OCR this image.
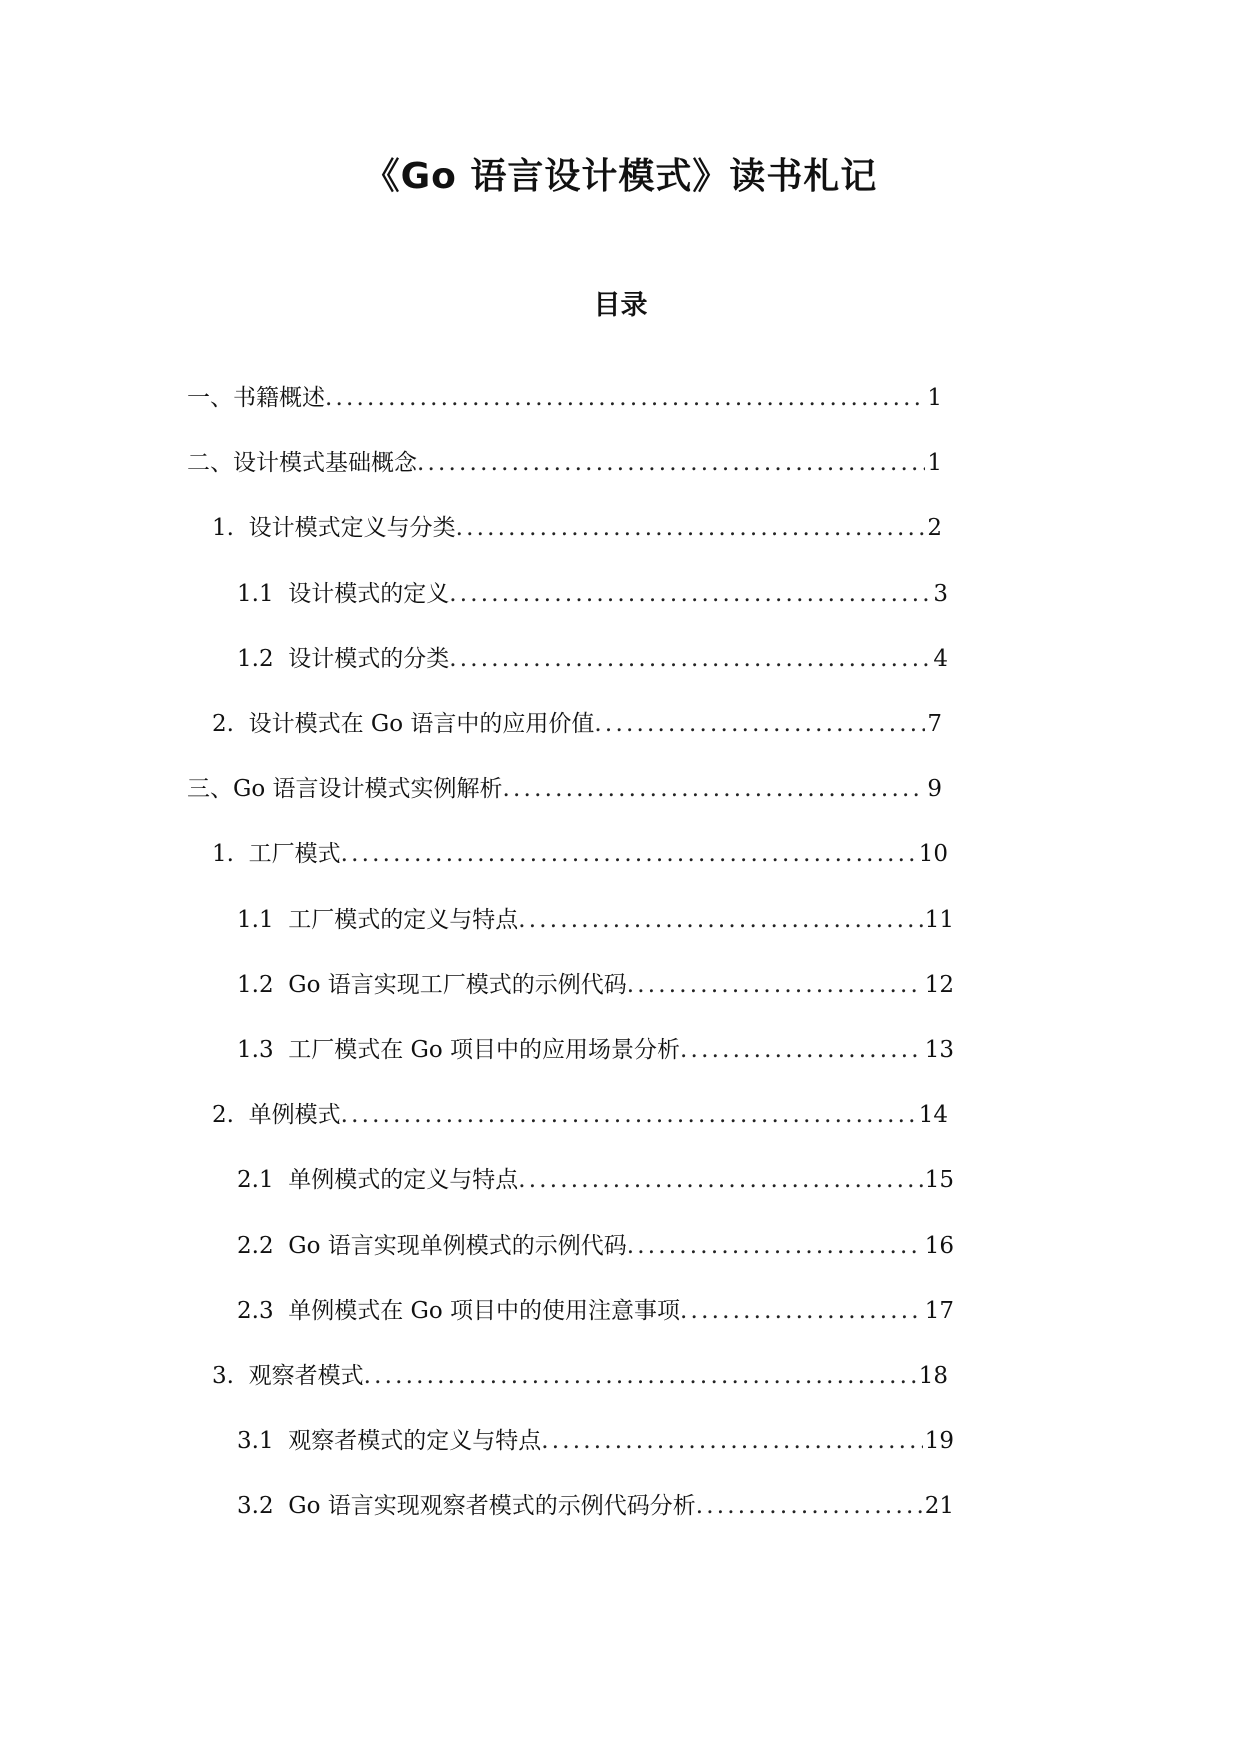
《Go 语言设计模式》读书札记
目录
一、 书籍概述 .....	1
二、 设计模式基础概念 .....	1
1. 设计模式定义与分类 .....	2
1.1 设计模式的定义 .....	3
1.2 设计模式的分类 .....	4
2. 设计模式在 Go 语言中的应用价值 .....	7
三、 Go 语言设计模式实例解析 .....	9
1. 工厂模式 .....	10
1.1 工厂模式的定义与特点 .....	11
1.2 Go 语言实现工厂模式的示例代码 .....	12
1.3 工厂模式在 Go 项目中的应用场景分析 .....	13
2. 单例模式 .....	14
2.1 单例模式的定义与特点 .....	15
2.2 Go 语言实现单例模式的示例代码 .....	16
2.3 单例模式在 Go 项目中的使用注意事项 .....	17
3. 观察者模式 .....	18
3.1 观察者模式的定义与特点 .....	19
3.2 Go 语言实现观察者模式的示例代码分析 .....	21
